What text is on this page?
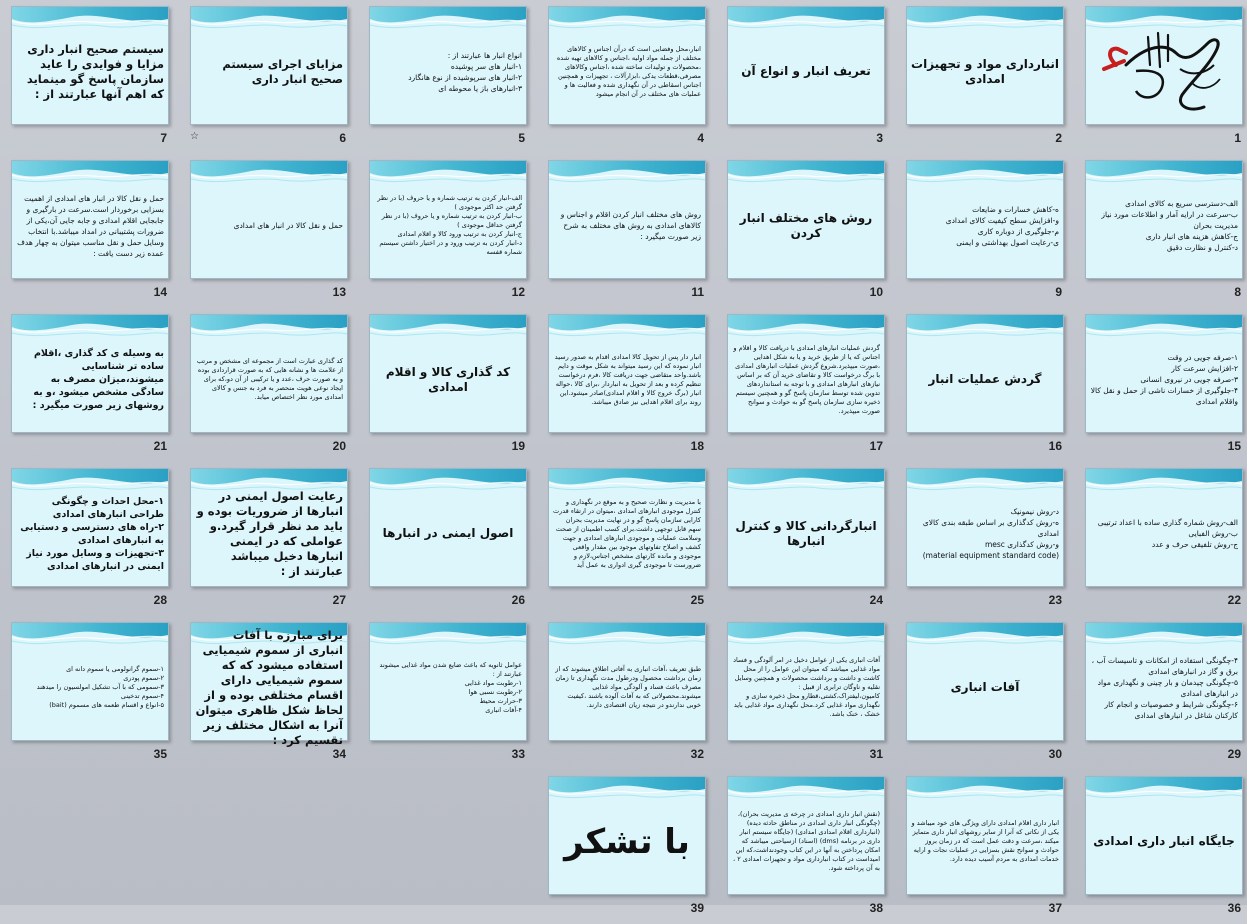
1
انبارداری مواد و تجهیزات امدادی
2
تعریف انبار و انواع آن
3
انبار،محل وفضایی است که درآن اجناس و کالاهای مختلف از جمله مواد اولیه ،اجناس و کالاهای تهیه شده ،محصولات و تولیدات ساخته شده ،اجناس وکالاهای مصرفی،قطعات یدکی ،ابزارآلات ، تجهیزات و همچنین اجناس اسقاطی در آن نگهداری شده و فعالیت ها و عملیات های مختلف در آن انجام میشود
4
انواع انبار ها عبارتند از :
۱-انبار های سر پوشیده
۲-انبار های سرپوشیده از نوع هانگارد
۳-انبارهای باز یا محوطه ای
5
مزایای اجرای سیستم صحیح انبار داری
6
☆
سیستم صحیح انبار داری مزایا و فوایدی را عاید سازمان پاسخ گو مینماید که اهم آنها عبارتند از :
7
الف-دسترسی سریع به کالای امدادی
ب-سرعت در ارایه آمار و اطلاعات مورد نیاز مدیریت بحران
ج-کاهش هزینه های انبار داری
د-کنترل و نظارت دقیق
8
ه-کاهش خسارات و ضایعات
و-افزایش سطح کیفیت کالای امدادی
م-جلوگیری از دوباره کاری
ی-رعایت اصول بهداشتی و ایمنی
9
روش های مختلف انبار کردن
10
روش های مختلف انبار کردن اقلام و اجناس و کالاهای امدادی به روش های مختلف به شرح زیر صورت میگیرد :
11
الف-انبار کردن به ترتیب شماره و یا حروف (با در نظر گرفتن حد اکثر موجودی )
ب-انبار کردن به ترتیب شماره و یا حروف (با در نظر گرفتن حداقل موجودی )
ج-انبار کردن به ترتیب ورود کالا و اقلام امدادی
د-انبار کردن به ترتیب ورود و در اختیار داشتن سیستم شماره قفسه
12
حمل و نقل کالا در انبار های امدادی
13
حمل و نقل کالا در انبار های امدادی از اهمیت بسزایی برخوردار است.سرعت در بارگیری و جابجایی اقلام امدادی و جابه جایی آن،یکی از ضرورات پشتیبانی در امداد میباشد.با انتخاب وسایل حمل و نقل مناسب میتوان به چهار هدف عمده زیر دست یافت :
14
۱-صرفه جویی در وقت
۲-افزایش سرعت کار
۳-صرفه جویی در نیروی انسانی
۴-جلوگیری از خسارات ناشی از حمل و نقل کالا واقلام امدادی
15
گردش عملیات انبار
16
گردش عملیات انبارهای امدادی با دریافت کالا و اقلام و اجناس که یا از طریق خرید و یا به شکل اهدایی ،صورت میپذیرد.شروع گردش عملیات انبارهای امدادی با برگ درخواست کالا و تقاضای خرید آن که بر اساس نیازهای انبارهای امدادی و با توجه به استانداردهای تدوین شده توسط سازمان پاسخ گو و همچنین سیستم ذخیره سازی سازمان پاسخ گو به حوادث و سوانح صورت میپذیرد.
17
انبار دار پس از تحویل کالا امدادی اقدام به صدور رسید انبار نموده که این رسید میتواند به شکل موقت و دایم باشد.واحد متقاضی جهت دریافت کالا ،فرم درخواست تنظیم کرده و بعد از تحویل به انباردار ،برای کالا ،حواله انبار (برگ خروج کالا و اقلام امدادی)صادر میشود.این روند برای اقلام اهدایی نیز صادق میباشد.
18
کد گذاری کالا و اقلام امدادی
19
کد گذاری عبارت است از مجموعه ای مشخص و مرتب از علامت ها و نشانه هایی که به صورت قراردادی بوده و به صورت حرف ،عدد و یا ترکیبی از آن دو،که برای ایجاد نوعی هویت منحصر به فرد به جنس و کالای امدادی مورد نظر اختصاص میابد.
20
به وسیله ی کد گذاری ،اقلام ساده تر شناسایی میشوند،میزان مصرف به سادگی مشخص میشود ،و به روشهای زیر صورت میگیرد :
21
الف-روش شماره گذاری ساده با اعداد ترتیبی
ب-روش الفبایی
ج-روش تلفیقی حرف و عدد
22
د-روش نیمونیک
ه-روش کدگذاری بر اساس طبقه بندی کالای امدادی
و-روش کدگذاری mesc
(material equipment standard code)
23
انبارگردانی کالا و کنترل انبارها
24
با مدیریت و نظارت صحیح و به موقع در نگهداری و کنترل موجودی انبارهای امدادی ،میتوان در ارتقاء قدرت کارایی سازمان پاسخ گو و در نهایت مدیریت بحران سهم قابل توجهی داشت.برای کسب اطمینان از صحت وسلامت عملیات و موجودی انبارهای امدادی و جهت کشف و اصلاح تفاوتهای موجود بین مقدار واقعی موجودی و مانده کارتهای مشخص اجناس،لازم و ضرورست تا موجودی گیری ادواری به عمل آید
25
اصول ایمنی در انبارها
26
رعایت اصول ایمنی در انبارها از ضروریات بوده و باید مد نظر قرار گیرد.و عواملی که در ایمنی انبارها دخیل میباشد عبارتند از :
27
۱-محل احداث و چگونگی طراحی انبارهای امدادی
۲-راه های دسترسی و دستیابی به انبارهای امدادی
۳-تجهیزات و وسایل مورد نیاز ایمنی در انبارهای امدادی
28
۴-چگونگی استفاده از امکانات و تاسیسات آب ، برق و گاز در انبارهای امدادی
۵-چگونگی چیدمان و بار چینی و نگهداری مواد در انبارهای امدادی
۶-چگونگی شرایط و خصوصیات و انجام کار کارکنان شاغل در انبارهای امدادی
29
آفات انباری
30
آفات انباری یکی از عوامل دخیل در امر آلودگی و فساد مواد غذایی میباشد که میتوان این عوامل را از محل کاشت و داشت و برداشت محصولات و همچنین وسایل نقلیه و ناوگان ترابری از قبیل : کامیون،لیفتراک،کشتی،قطارو محل ذخیره سازی و نگهداری مواد غذایی کرد.محل نگهداری مواد غذایی باید خشک ، خنک باشد.
31
طبق تعریف ،آفات انباری به آفاتی اطلاق میشوند که از زمان برداشت محصول ودرطول مدت نگهداری تا زمان مصرف باعث فساد و آلودگی مواد غذایی میشوند.محصولاتی که به آفات آلوده باشند ،کیفیت خوبی ندارندو در نتیجه زیان اقتصادی دارند.
32
عوامل ثانویه که باعث ضایع شدن مواد غذایی میشوند عبارتند از :
۱-رطوبت مواد غذایی
۲-رطوبت نسبی هوا
۳-حرارت محیط
۴-آفات انباری
33
برای مبارزه با آفات انباری از سموم شیمیایی استفاده میشود که که سموم شیمیایی دارای اقسام مختلفی بوده و از لحاظ شکل ظاهری میتوان آنرا به اشکال مختلف زیر تقسیم کرد :
34
۱-سموم گرانولومی یا سموم دانه ای
۲-سموم پودری
۳-سمومی که با آب تشکیل امولسیون را میدهند
۴-سموم تدخینی
۵-انواع و اقسام طعمه های مسموم (bait)
35
جایگاه انبار داری امدادی
36
انبار داری اقلام امدادی دارای ویژگی های خود میباشد و یکی از نکاتی که آنرا از سایر روشهای انبار داری متمایز میکند ،سرعت و دقت عمل است که در زمان بروز حوادث و سوانح نقش بسزایی در عملیات نجات و ارایه خدمات امدادی به مردم آسیب دیده دارد.
37
(نقش انبار داری امدادی در چرخه ی مدیریت بحران)، (چگونگی انبار داری امدادی در مناطق حادثه دیده) (انبارداری اقلام امدادی امدادی) (جایگاه سیستم انبار داری در برنامه (dms) (اسناد) ازسیاحتی میباشد که امکان پرداختن به آنها در این کتاب وجودنداشت،که این امیداست در کتاب انبارداری مواد و تجهیزات امدادی ۲ ، به آن پرداخته شود.
38
با تشکر
39
